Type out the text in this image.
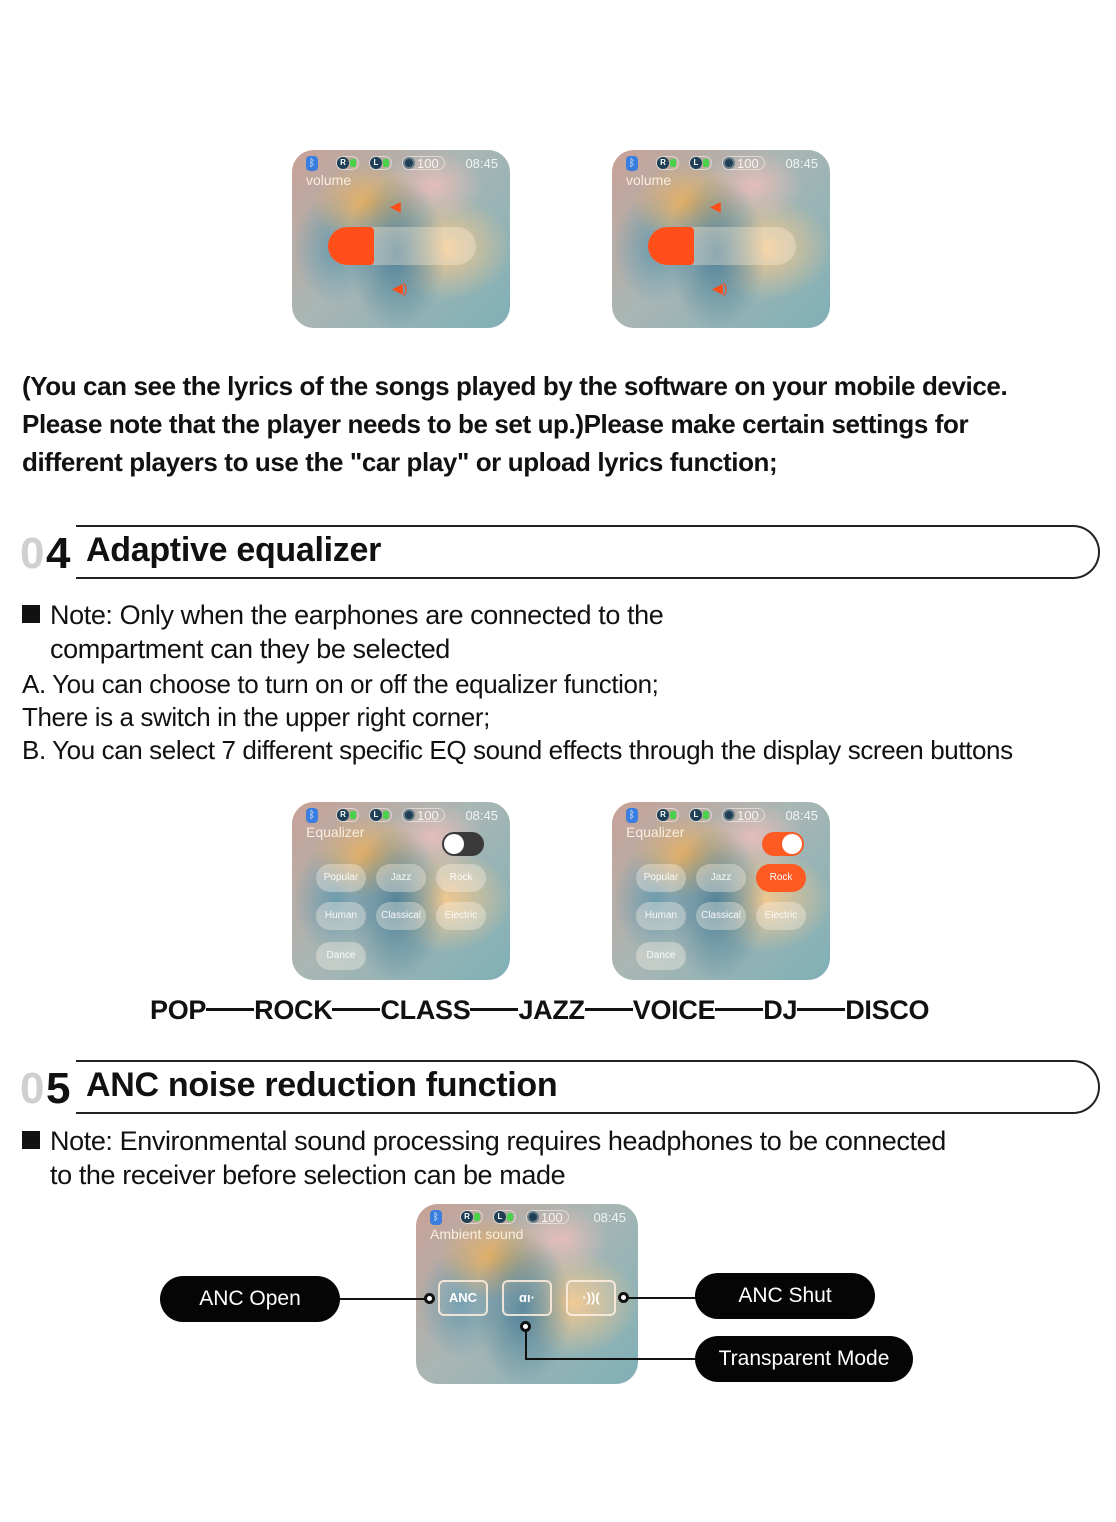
ᛒ	R	L	100 08:45
volume
◀
◀)
ᛒ	R	L	100 08:45
volume
◀
◀)
(You can see the lyrics of the songs played by the software on your mobile device.
Please note that the player needs to be set up.)Please make certain settings for
different players to use the "car play" or upload lyrics function;
0 4 Adaptive equalizer
Note: Only when the earphones are connected to the
compartment can they be selected
A. You can choose to turn on or off the equalizer function;
There is a switch in the upper right corner;
B. You can select 7 different specific EQ sound effects through the display screen buttons
ᛒ	R	L	100 08:45
Equalizer
Popular	Jazz	Rock
Human	Classical	Electric
Dance
ᛒ	R	L	100 08:45
Equalizer
Popular	Jazz	Rock
Human	Classical	Electric
Dance
POP ROCK CLASS JAZZ VOICE DJ DISCO
0 5 ANC noise reduction function
Note: Environmental sound processing requires headphones to be connected
to the receiver before selection can be made
ᛒ	R	L	100 08:45
Ambient sound
ANC	ɑı·	·))(
ANC Open	ANC Shut
Transparent Mode
